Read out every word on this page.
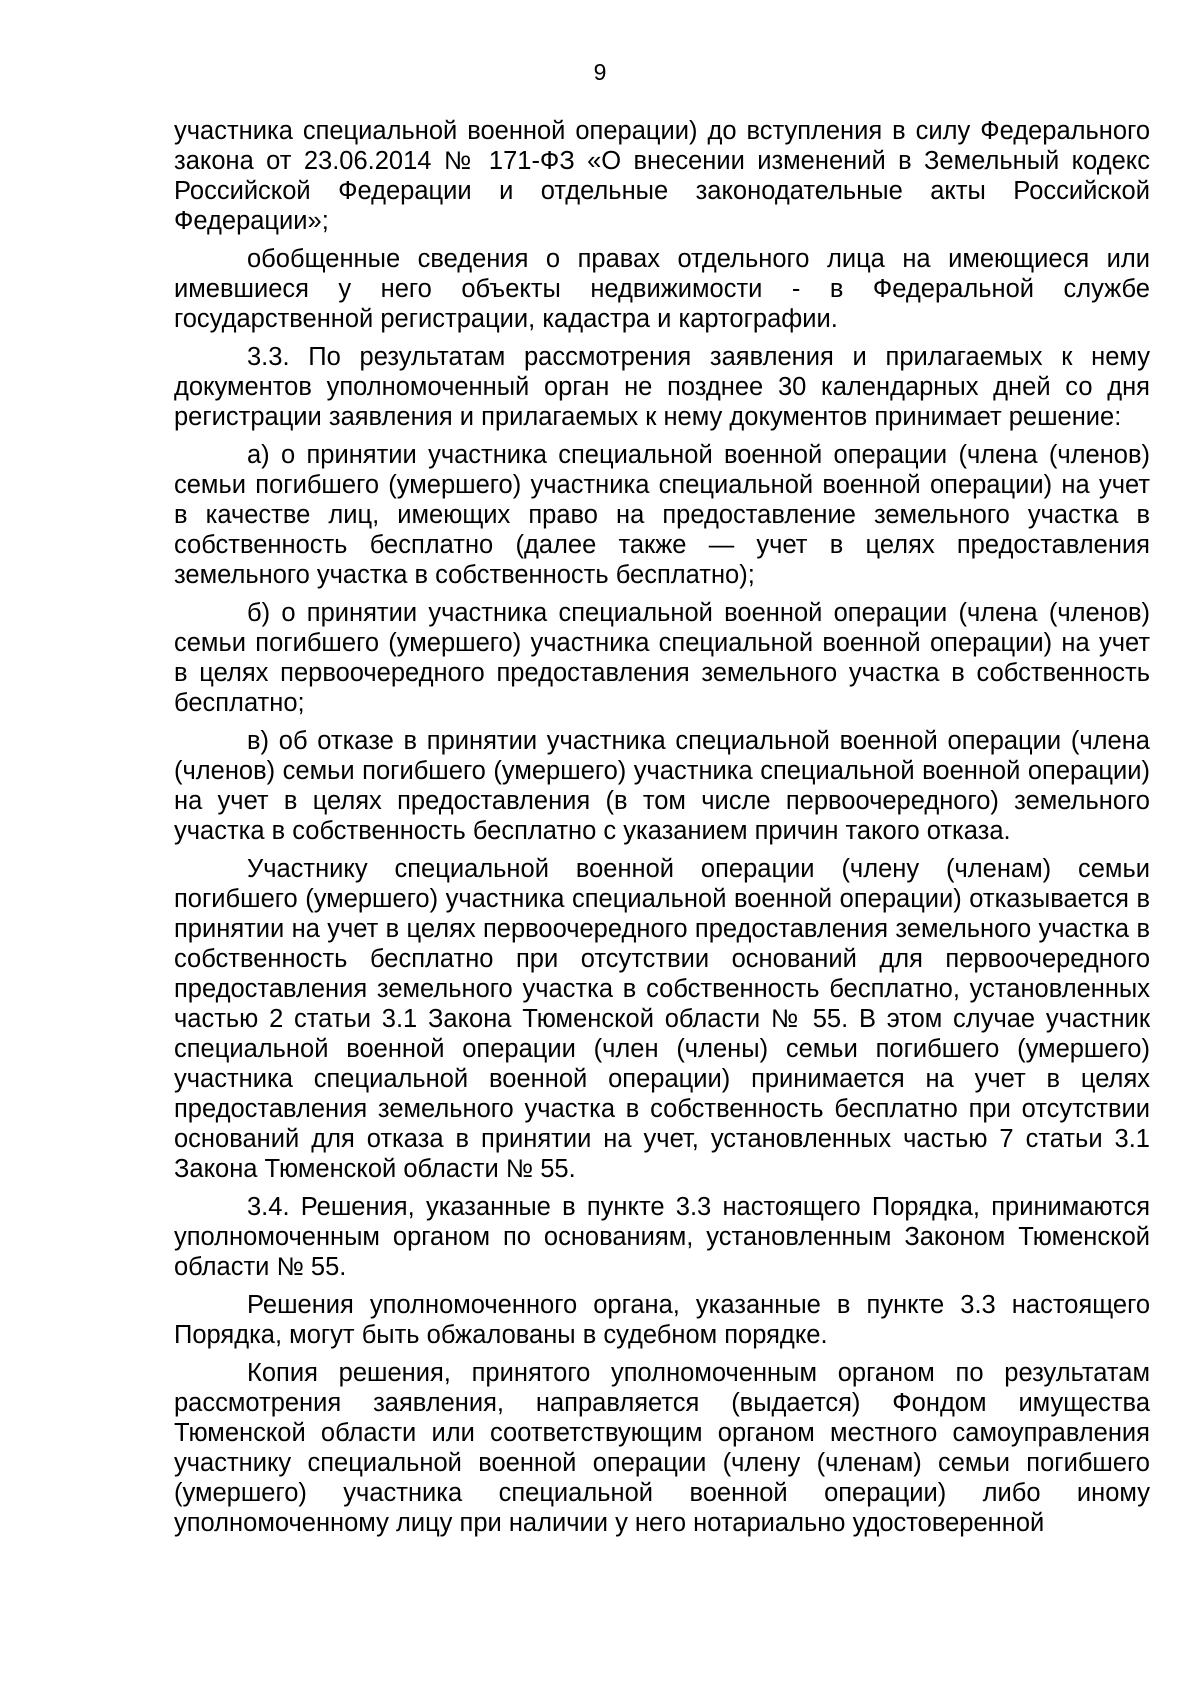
9

участника специальной военной операции) до вступления в силу Федерального закона от 23.06.2014 № 171-ФЗ «О внесении изменений в Земельный кодекс Российской Федерации и отдельные законодательные акты Российской Федерации»;

обобщенные сведения о правах отдельного лица на имеющиеся или имевшиеся у него объекты недвижимости - в Федеральной службе государственной регистрации, кадастра и картографии.

3.3. По результатам рассмотрения заявления и прилагаемых к нему документов уполномоченный орган не позднее 30 календарных дней со дня регистрации заявления и прилагаемых к нему документов принимает решение:

а) о принятии участника специальной военной операции (члена (членов) семьи погибшего (умершего) участника специальной военной операции) на учет в качестве лиц, имеющих право на предоставление земельного участка в собственность бесплатно (далее также — учет в целях предоставления земельного участка в собственность бесплатно);

б) о принятии участника специальной военной операции (члена (членов) семьи погибшего (умершего) участника специальной военной операции) на учет в целях первоочередного предоставления земельного участка в собственность бесплатно;

в) об отказе в принятии участника специальной военной операции (члена (членов) семьи погибшего (умершего) участника специальной военной операции) на учет в целях предоставления (в том числе первоочередного) земельного участка в собственность бесплатно с указанием причин такого отказа.

Участнику специальной военной операции (члену (членам) семьи погибшего (умершего) участника специальной военной операции) отказывается в принятии на учет в целях первоочередного предоставления земельного участка в собственность бесплатно при отсутствии оснований для первоочередного предоставления земельного участка в собственность бесплатно, установленных частью 2 статьи 3.1 Закона Тюменской области № 55. В этом случае участник специальной военной операции (член (члены) семьи погибшего (умершего) участника специальной военной операции) принимается на учет в целях предоставления земельного участка в собственность бесплатно при отсутствии оснований для отказа в принятии на учет, установленных частью 7 статьи 3.1 Закона Тюменской области № 55.

3.4. Решения, указанные в пункте 3.3 настоящего Порядка, принимаются уполномоченным органом по основаниям, установленным Законом Тюменской области № 55.

Решения уполномоченного органа, указанные в пункте 3.3 настоящего Порядка, могут быть обжалованы в судебном порядке.

Копия решения, принятого уполномоченным органом по результатам рассмотрения заявления, направляется (выдается) Фондом имущества Тюменской области или соответствующим органом местного самоуправления участнику специальной военной операции (члену (членам) семьи погибшего (умершего) участника специальной военной операции) либо иному уполномоченному лицу при наличии у него нотариально удостоверенной
